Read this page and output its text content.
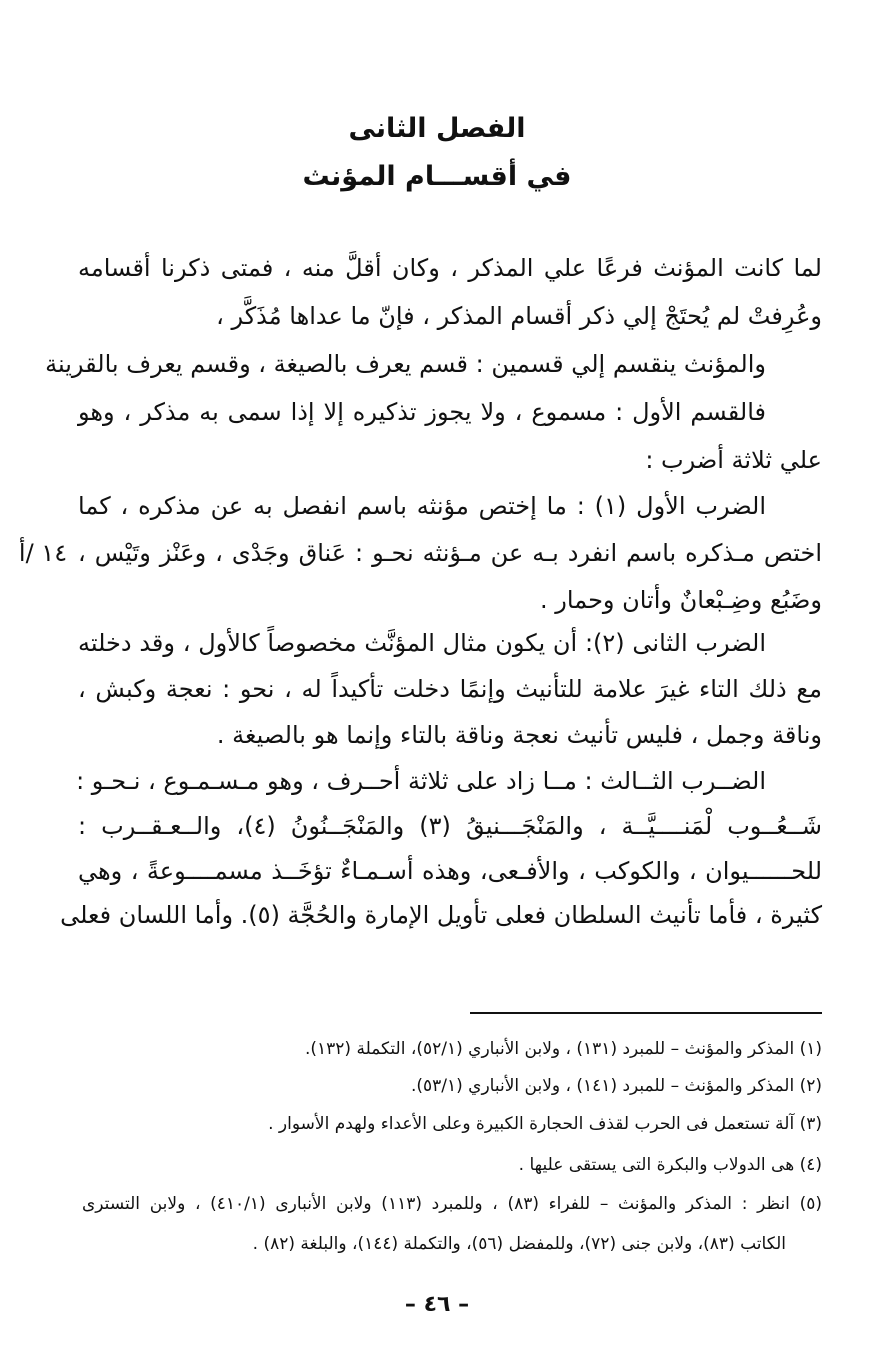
الفصل الثانى
في أقســـام المؤنث
لما كانت المؤنث فرعًا علي المذكر ، وكان أقلَّ منه ، فمتى ذكرنا أقسامه
وعُرِفتْ لم يُحتَجْ إلي ذكر أقسام المذكر ، فإنّ ما عداها مُذَكَّر ،
والمؤنث ينقسم إلي قسمين : قسم يعرف بالصيغة ، وقسم يعرف بالقرينة
فالقسم الأول : مسموع ، ولا يجوز تذكيره إلا إذا سمى به مذكر ، وهو
علي ثلاثة أضرب :
الضرب الأول (١) : ما إختص مؤنثه باسم انفصل به عن مذكره ، كما
اختص مـذكره باسم انفرد بـه عن مـؤنثه نحـو : عَناق وجَدْى ، وعَنْز وتَيْس ،
وضَبُع وضِـبْعانٌ وأتان وحمار .
الضرب الثانى (٢): أن يكون مثال المؤنَّث مخصوصاً كالأول ، وقد دخلته
مع ذلك التاء غيرَ علامة للتأنيث وإنمًا دخلت تأكيداً له ، نحو : نعجة وكبش ،
وناقة وجمل ، فليس تأنيث نعجة وناقة بالتاء وإنما هو بالصيغة .
الضــرب الثــالث : مــا زاد على ثلاثة أحــرف ، وهو مـسـمـوع ، نـحـو :
شَــعُــوب لْمَنــــيَّــة ، والمَنْجَـــنيقُ (٣) والمَنْجَــنُونُ (٤)، والــعـقــرب :
للحــــــيوان ، والكوكب ، والأفـعى، وهذه أسـمـاءٌ تؤخَــذ مسمــــوعةً ، وهي
كثيرة ، فأما تأنيث السلطان فعلى تأويل الإمارة والحُجَّة (٥). وأما اللسان فعلى
١٤ /أ
(١) المذكر والمؤنث – للمبرد (١٣١) ، ولابن الأنباري (٥٢/١)، التكملة (١٣٢).
(٢) المذكر والمؤنث – للمبرد (١٤١) ، ولابن الأنباري (٥٣/١).
(٣) آلة تستعمل فى الحرب لقذف الحجارة الكبيرة وعلى الأعداء ولهدم الأسوار .
(٤) هى الدولاب والبكرة التى يستقى عليها .
(٥) انظر : المذكر والمؤنث – للفراء (٨٣) ، وللمبرد (١١٣) ولابن الأنبارى (٤١٠/١) ، ولابن التسترى
الكاتب (٨٣)، ولابن جنى (٧٢)، وللمفضل (٥٦)، والتكملة (١٤٤)، والبلغة (٨٢) .
– ٤٦ –
